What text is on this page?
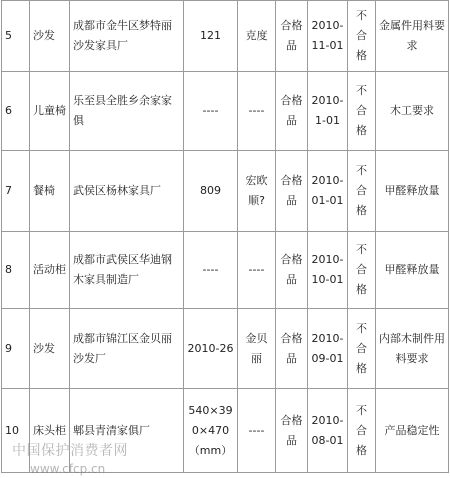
5	沙发	成都市金牛区梦特丽沙发家具厂	121	克度	合格品	2010-11-01	不合格	金属件用料要求
6	儿童椅	乐至县全胜乡余家家俱	----	----	合格品	2010-1-01	不合格	木工要求
7	餐椅	武侯区杨林家具厂	809	宏欧顺?	合格品	2010-01-01	不合格	甲醛释放量
8	活动柜	成都市武侯区华迪钢木家具制造厂	----	----	合格品	2010-10-01	不合格	甲醛释放量
9	沙发	成都市锦江区金贝丽沙发厂	2010-26	金贝丽	合格品	2010-09-01	不合格	内部木制件用料要求
10	床头柜	郫县青清家俱厂	540×390×470（mm）	----	合格品	2010-08-01	不合格	产品稳定性
中国保护消费者网
www.cfcp.cn
